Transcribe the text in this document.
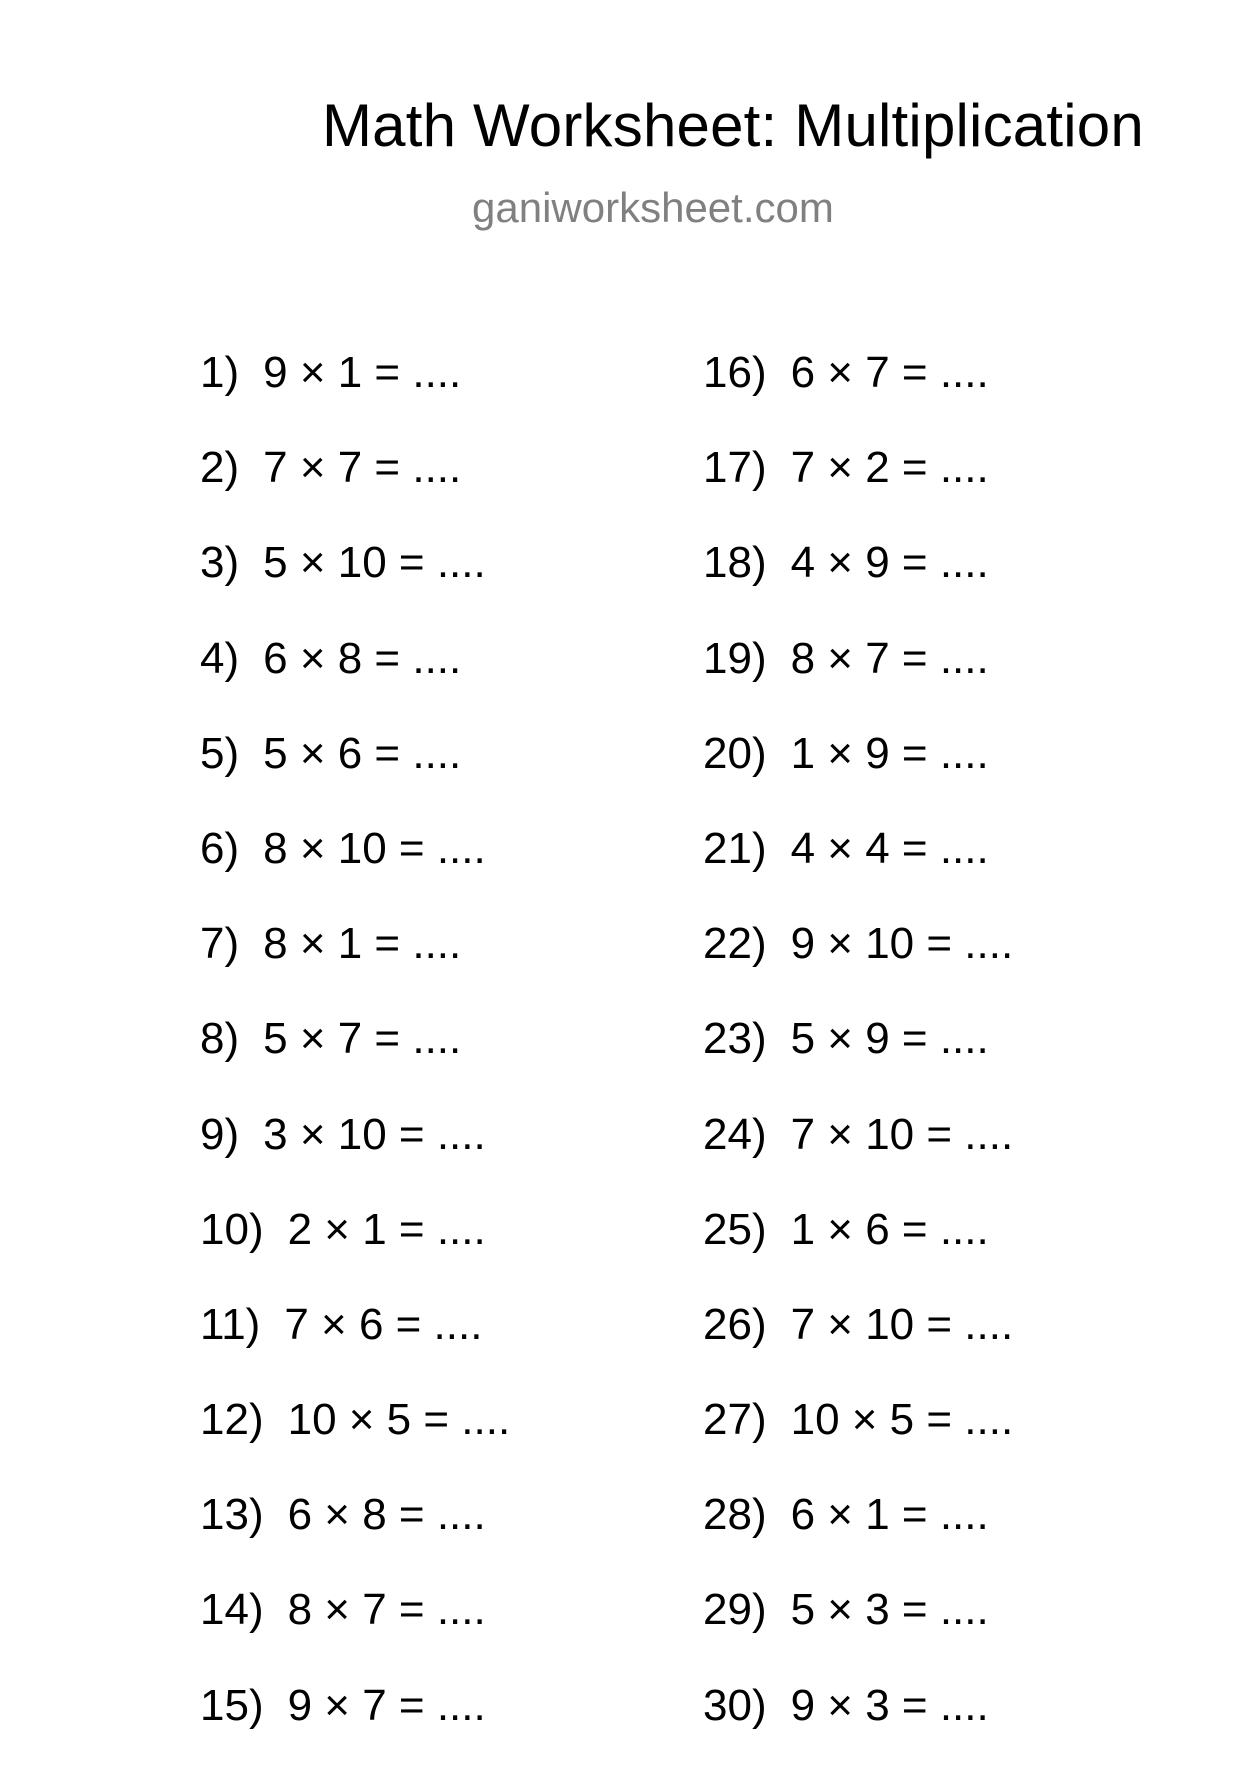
Math Worksheet: Multiplication
ganiworksheet.com
1) 9 × 1 = ....
2) 7 × 7 = ....
3) 5 × 10 = ....
4) 6 × 8 = ....
5) 5 × 6 = ....
6) 8 × 10 = ....
7) 8 × 1 = ....
8) 5 × 7 = ....
9) 3 × 10 = ....
10) 2 × 1 = ....
11) 7 × 6 = ....
12) 10 × 5 = ....
13) 6 × 8 = ....
14) 8 × 7 = ....
15) 9 × 7 = ....
16) 6 × 7 = ....
17) 7 × 2 = ....
18) 4 × 9 = ....
19) 8 × 7 = ....
20) 1 × 9 = ....
21) 4 × 4 = ....
22) 9 × 10 = ....
23) 5 × 9 = ....
24) 7 × 10 = ....
25) 1 × 6 = ....
26) 7 × 10 = ....
27) 10 × 5 = ....
28) 6 × 1 = ....
29) 5 × 3 = ....
30) 9 × 3 = ....
